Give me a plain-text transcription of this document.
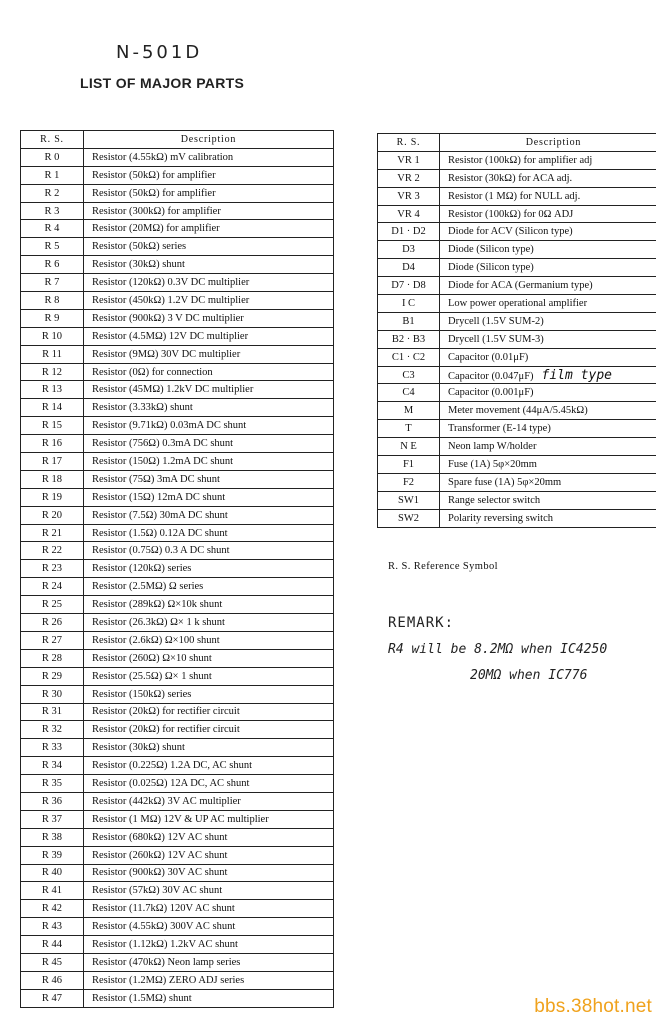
N-501D
LIST OF MAJOR PARTS
R. S.	Description
R 0	Resistor (4.55kΩ) mV calibration
R 1	Resistor (50kΩ) for amplifier
R 2	Resistor (50kΩ) for amplifier
R 3	Resistor (300kΩ) for amplifier
R 4	Resistor (20MΩ) for amplifier
R 5	Resistor (50kΩ) series
R 6	Resistor (30kΩ) shunt
R 7	Resistor (120kΩ) 0.3V DC multiplier
R 8	Resistor (450kΩ) 1.2V DC multiplier
R 9	Resistor (900kΩ) 3 V DC multiplier
R 10	Resistor (4.5MΩ) 12V DC multiplier
R 11	Resistor (9MΩ) 30V DC multiplier
R 12	Resistor (0Ω) for connection
R 13	Resistor (45MΩ) 1.2kV DC multiplier
R 14	Resistor (3.33kΩ) shunt
R 15	Resistor (9.71kΩ) 0.03mA DC shunt
R 16	Resistor (756Ω) 0.3mA DC shunt
R 17	Resistor (150Ω) 1.2mA DC shunt
R 18	Resistor (75Ω) 3mA DC shunt
R 19	Resistor (15Ω) 12mA DC shunt
R 20	Resistor (7.5Ω) 30mA DC shunt
R 21	Resistor (1.5Ω) 0.12A DC shunt
R 22	Resistor (0.75Ω) 0.3 A DC shunt
R 23	Resistor (120kΩ) series
R 24	Resistor (2.5MΩ) Ω series
R 25	Resistor (289kΩ) Ω×10k shunt
R 26	Resistor (26.3kΩ) Ω× 1 k shunt
R 27	Resistor (2.6kΩ) Ω×100 shunt
R 28	Resistor (260Ω) Ω×10 shunt
R 29	Resistor (25.5Ω) Ω× 1 shunt
R 30	Resistor (150kΩ) series
R 31	Resistor (20kΩ) for rectifier circuit
R 32	Resistor (20kΩ) for rectifier circuit
R 33	Resistor (30kΩ) shunt
R 34	Resistor (0.225Ω) 1.2A DC, AC shunt
R 35	Resistor (0.025Ω) 12A DC, AC shunt
R 36	Resistor (442kΩ) 3V AC multiplier
R 37	Resistor (1 MΩ) 12V & UP AC multiplier
R 38	Resistor (680kΩ) 12V AC shunt
R 39	Resistor (260kΩ) 12V AC shunt
R 40	Resistor (900kΩ) 30V AC shunt
R 41	Resistor (57kΩ) 30V AC shunt
R 42	Resistor (11.7kΩ) 120V AC shunt
R 43	Resistor (4.55kΩ) 300V AC shunt
R 44	Resistor (1.12kΩ) 1.2kV AC shunt
R 45	Resistor (470kΩ) Neon lamp series
R 46	Resistor (1.2MΩ) ZERO ADJ series
R 47	Resistor (1.5MΩ) shunt
R. S.	Description
VR 1	Resistor (100kΩ) for amplifier adj
VR 2	Resistor (30kΩ) for ACA adj.
VR 3	Resistor (1 MΩ) for NULL adj.
VR 4	Resistor (100kΩ) for 0Ω ADJ
D1 · D2	Diode for ACV (Silicon type)
D3	Diode (Silicon type)
D4	Diode (Silicon type)
D7 · D8	Diode for ACA (Germanium type)
I C	Low power operational amplifier
B1	Drycell (1.5V SUM-2)
B2 · B3	Drycell (1.5V SUM-3)
C1 · C2	Capacitor (0.01μF)
C3	Capacitor (0.047μF) film type
C4	Capacitor (0.001μF)
M	Meter movement (44μA/5.45kΩ)
T	Transformer (E-14 type)
N E	Neon lamp W/holder
F1	Fuse (1A) 5φ×20mm
F2	Spare fuse (1A) 5φ×20mm
SW1	Range selector switch
SW2	Polarity reversing switch
R. S. Reference Symbol
REMARK:
R4 will be 8.2MΩ when IC4250
20MΩ when IC776
bbs.38hot.net
